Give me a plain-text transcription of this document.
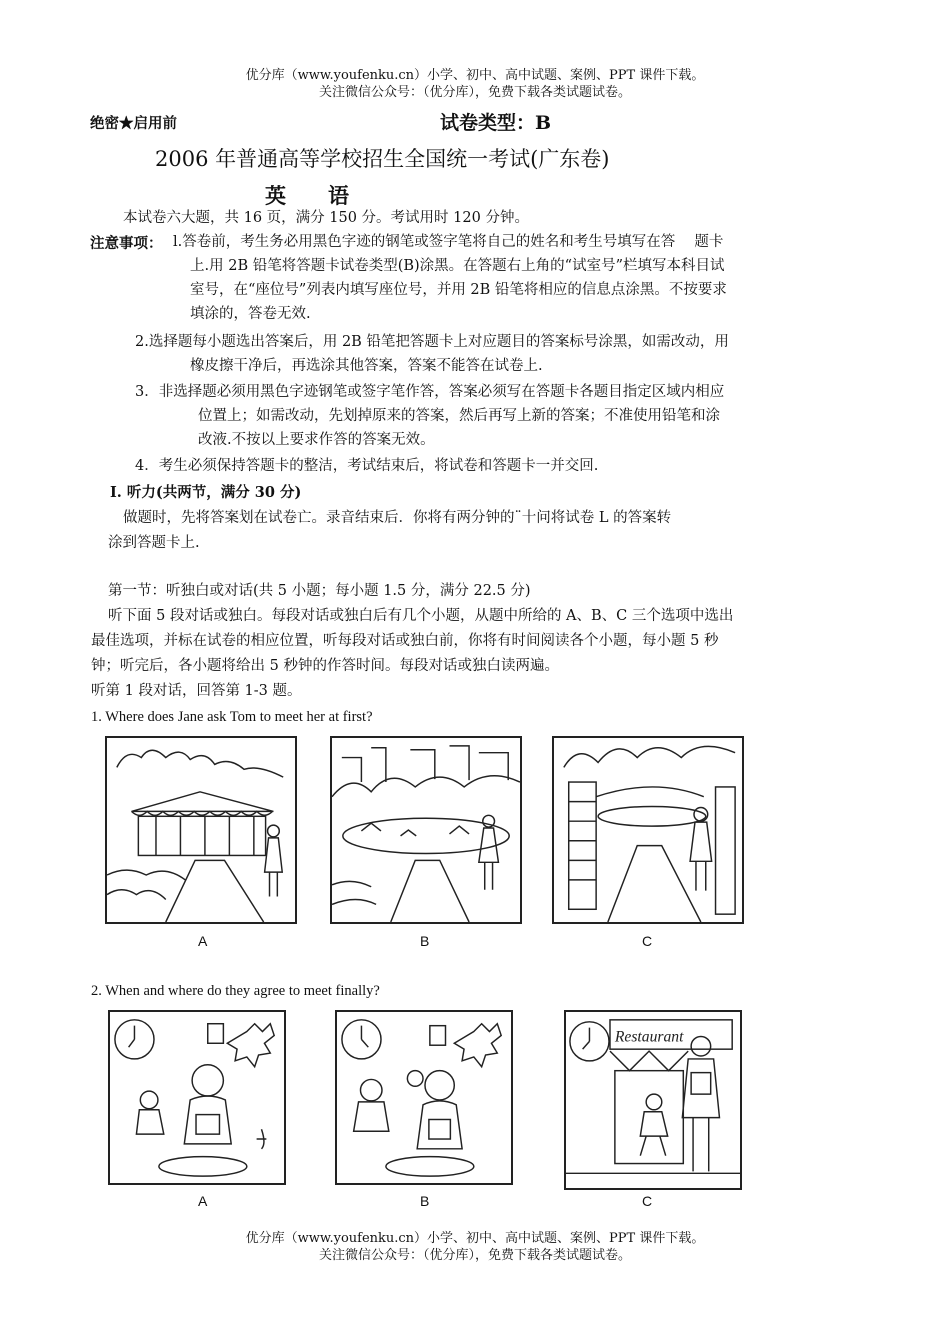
优分库（www.youfenku.cn）小学、初中、高中试题、案例、PPT 课件下载。
关注微信公众号：（优分库），免费下载各类试题试卷。
绝密★启用前	试卷类型：B
2006 年普通高等学校招生全国统一考试(广东卷)
英　　语
本试卷六大题，共 16 页，满分 150 分。考试用时 120 分钟。
注意事项： l.答卷前，考生务必用黑色字迹的钢笔或签字笔将自己的姓名和考生号填写在答　 题卡
上.用 2B 铅笔将答题卡试卷类型(B)涂黑。在答题右上角的“试室号”栏填写本科目试
室号，在“座位号”列表内填写座位号，并用 2B 铅笔将相应的信息点涂黑。不按要求
填涂的，答卷无效.
2.选择题每小题选出答案后，用 2B 铅笔把答题卡上对应题目的答案标号涂黑，如需改动，用
橡皮擦干净后，再选涂其他答案，答案不能答在试卷上.
3．非选择题必须用黑色字迹钢笔或签字笔作答，答案必须写在答题卡各题目指定区域内相应
位置上；如需改动，先划掉原来的答案，然后再写上新的答案；不准使用铅笔和涂
改液.不按以上要求作答的答案无效。
4．考生必须保持答题卡的整洁，考试结束后，将试卷和答题卡一并交回.
Ⅰ. 听力(共两节，满分 30 分)
做题时，先将答案划在试卷亡。录音结束后．你将有两分钟的¨十问将试卷 L 的答案转
涂到答题卡上.
第一节：听独白或对话(共 5 小题；每小题 1.5 分，满分 22.5 分)
听下面 5 段对话或独白。每段对话或独白后有几个小题，从题中所给的 A、B、C 三个选项中选出
最佳选项，并标在试卷的相应位置，听每段对话或独白前，你将有时间阅读各个小题，每小题 5 秒
钟；听完后，各小题将给出 5 秒钟的作答时间。每段对话或独白读两遍。
听第 1 段对话，回答第 1-3 题。
1. Where does Jane ask Tom to meet her at first?
A	B	C
2. When and where do they agree to meet finally?
Restaurant
A	B	C
优分库（www.youfenku.cn）小学、初中、高中试题、案例、PPT 课件下载。
关注微信公众号：（优分库），免费下载各类试题试卷。
